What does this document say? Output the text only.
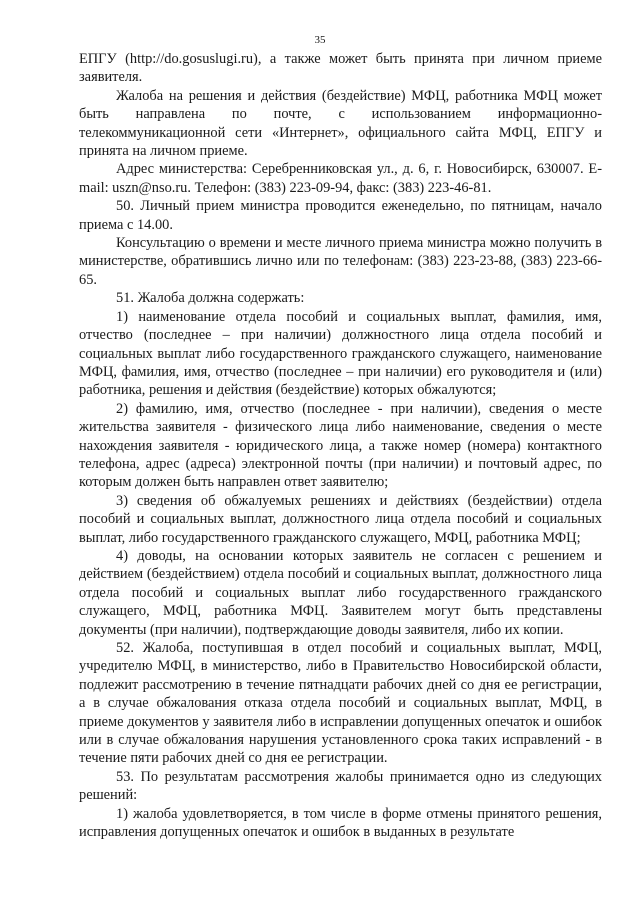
35

ЕПГУ (http://do.gosuslugi.ru), а также может быть принята при личном приеме заявителя.

Жалоба на решения и действия (бездействие) МФЦ, работника МФЦ может быть направлена по почте, с использованием информационно-телекоммуникационной сети «Интернет», официального сайта МФЦ, ЕПГУ и принята на личном приеме.

Адрес министерства: Серебренниковская ул., д. 6, г. Новосибирск, 630007. E-mail: uszn@nso.ru. Телефон: (383) 223-09-94, факс: (383) 223-46-81.

50. Личный прием министра проводится еженедельно, по пятницам, начало приема с 14.00.

Консультацию о времени и месте личного приема министра можно получить в министерстве, обратившись лично или по телефонам: (383) 223-23-88, (383) 223-66-65.

51. Жалоба должна содержать:

1) наименование отдела пособий и социальных выплат, фамилия, имя, отчество (последнее – при наличии) должностного лица отдела пособий и социальных выплат либо государственного гражданского служащего, наименование МФЦ, фамилия, имя, отчество (последнее – при наличии) его руководителя и (или) работника, решения и действия (бездействие) которых обжалуются;

2) фамилию, имя, отчество (последнее - при наличии), сведения о месте жительства заявителя - физического лица либо наименование, сведения о месте нахождения заявителя - юридического лица, а также номер (номера) контактного телефона, адрес (адреса) электронной почты (при наличии) и почтовый адрес, по которым должен быть направлен ответ заявителю;

3) сведения об обжалуемых решениях и действиях (бездействии) отдела пособий и социальных выплат, должностного лица отдела пособий и социальных выплат, либо государственного гражданского служащего, МФЦ, работника МФЦ;

4) доводы, на основании которых заявитель не согласен с решением и действием (бездействием) отдела пособий и социальных выплат, должностного лица отдела пособий и социальных выплат либо государственного гражданского служащего, МФЦ, работника МФЦ. Заявителем могут быть представлены документы (при наличии), подтверждающие доводы заявителя, либо их копии.

52. Жалоба, поступившая в отдел пособий и социальных выплат, МФЦ, учредителю МФЦ, в министерство, либо в Правительство Новосибирской области, подлежит рассмотрению в течение пятнадцати рабочих дней со дня ее регистрации, а в случае обжалования отказа отдела пособий и социальных выплат, МФЦ, в приеме документов у заявителя либо в исправлении допущенных опечаток и ошибок или в случае обжалования нарушения установленного срока таких исправлений - в течение пяти рабочих дней со дня ее регистрации.

53. По результатам рассмотрения жалобы принимается одно из следующих решений:

1) жалоба удовлетворяется, в том числе в форме отмены принятого решения, исправления допущенных опечаток и ошибок в выданных в результате
